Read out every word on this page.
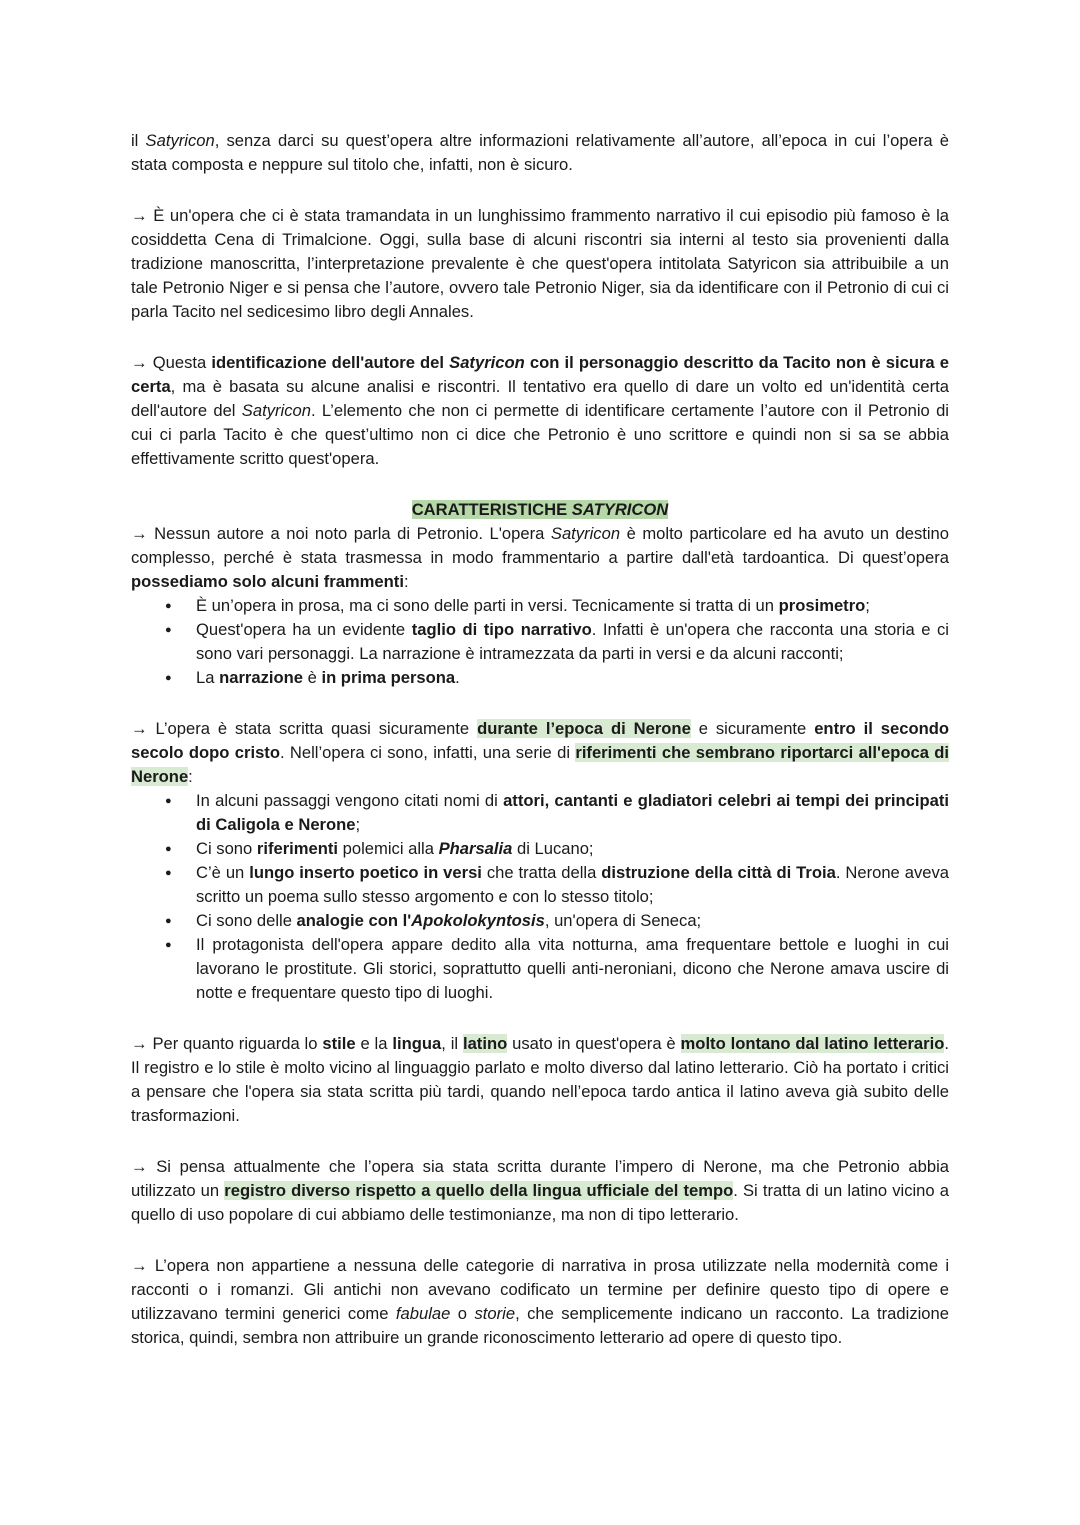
il Satyricon, senza darci su quest’opera altre informazioni relativamente all’autore, all’epoca in cui l’opera è stata composta e neppure sul titolo che, infatti, non è sicuro.

→ È un'opera che ci è stata tramandata in un lunghissimo frammento narrativo il cui episodio più famoso è la cosiddetta Cena di Trimalcione. Oggi, sulla base di alcuni riscontri sia interni al testo sia provenienti dalla tradizione manoscritta, l’interpretazione prevalente è che quest'opera intitolata Satyricon sia attribuibile a un tale Petronio Niger e si pensa che l’autore, ovvero tale Petronio Niger, sia da identificare con il Petronio di cui ci parla Tacito nel sedicesimo libro degli Annales.

→ Questa identificazione dell'autore del Satyricon con il personaggio descritto da Tacito non è sicura e certa, ma è basata su alcune analisi e riscontri. Il tentativo era quello di dare un volto ed un'identità certa dell'autore del Satyricon. L’elemento che non ci permette di identificare certamente l’autore con il Petronio di cui ci parla Tacito è che quest’ultimo non ci dice che Petronio è uno scrittore e quindi non si sa se abbia effettivamente scritto quest'opera.

CARATTERISTICHE SATYRICON

→ Nessun autore a noi noto parla di Petronio. L'opera Satyricon è molto particolare ed ha avuto un destino complesso, perché è stata trasmessa in modo frammentario a partire dall'età tardoantica. Di quest’opera possediamo solo alcuni frammenti:

● È un’opera in prosa, ma ci sono delle parti in versi. Tecnicamente si tratta di un prosimetro;
● Quest'opera ha un evidente taglio di tipo narrativo. Infatti è un'opera che racconta una storia e ci sono vari personaggi. La narrazione è intramezzata da parti in versi e da alcuni racconti;
● La narrazione è in prima persona.

→ L’opera è stata scritta quasi sicuramente durante l’epoca di Nerone e sicuramente entro il secondo secolo dopo cristo. Nell’opera ci sono, infatti, una serie di riferimenti che sembrano riportarci all'epoca di Nerone:

● In alcuni passaggi vengono citati nomi di attori, cantanti e gladiatori celebri ai tempi dei principati di Caligola e Nerone;
● Ci sono riferimenti polemici alla Pharsalia di Lucano;
● C’è un lungo inserto poetico in versi che tratta della distruzione della città di Troia. Nerone aveva scritto un poema sullo stesso argomento e con lo stesso titolo;
● Ci sono delle analogie con l'Apokolokyntosis, un'opera di Seneca;
● Il protagonista dell'opera appare dedito alla vita notturna, ama frequentare bettole e luoghi in cui lavorano le prostitute. Gli storici, soprattutto quelli anti-neroniani, dicono che Nerone amava uscire di notte e frequentare questo tipo di luoghi.

→ Per quanto riguarda lo stile e la lingua, il latino usato in quest'opera è molto lontano dal latino letterario. Il registro e lo stile è molto vicino al linguaggio parlato e molto diverso dal latino letterario. Ciò ha portato i critici a pensare che l'opera sia stata scritta più tardi, quando nell’epoca tardo antica il latino aveva già subito delle trasformazioni.

→ Si pensa attualmente che l’opera sia stata scritta durante l’impero di Nerone, ma che Petronio abbia utilizzato un registro diverso rispetto a quello della lingua ufficiale del tempo. Si tratta di un latino vicino a quello di uso popolare di cui abbiamo delle testimonianze, ma non di tipo letterario.

→ L’opera non appartiene a nessuna delle categorie di narrativa in prosa utilizzate nella modernità come i racconti o i romanzi. Gli antichi non avevano codificato un termine per definire questo tipo di opere e utilizzavano termini generici come fabulae o storie, che semplicemente indicano un racconto. La tradizione storica, quindi, sembra non attribuire un grande riconoscimento letterario ad opere di questo tipo.
